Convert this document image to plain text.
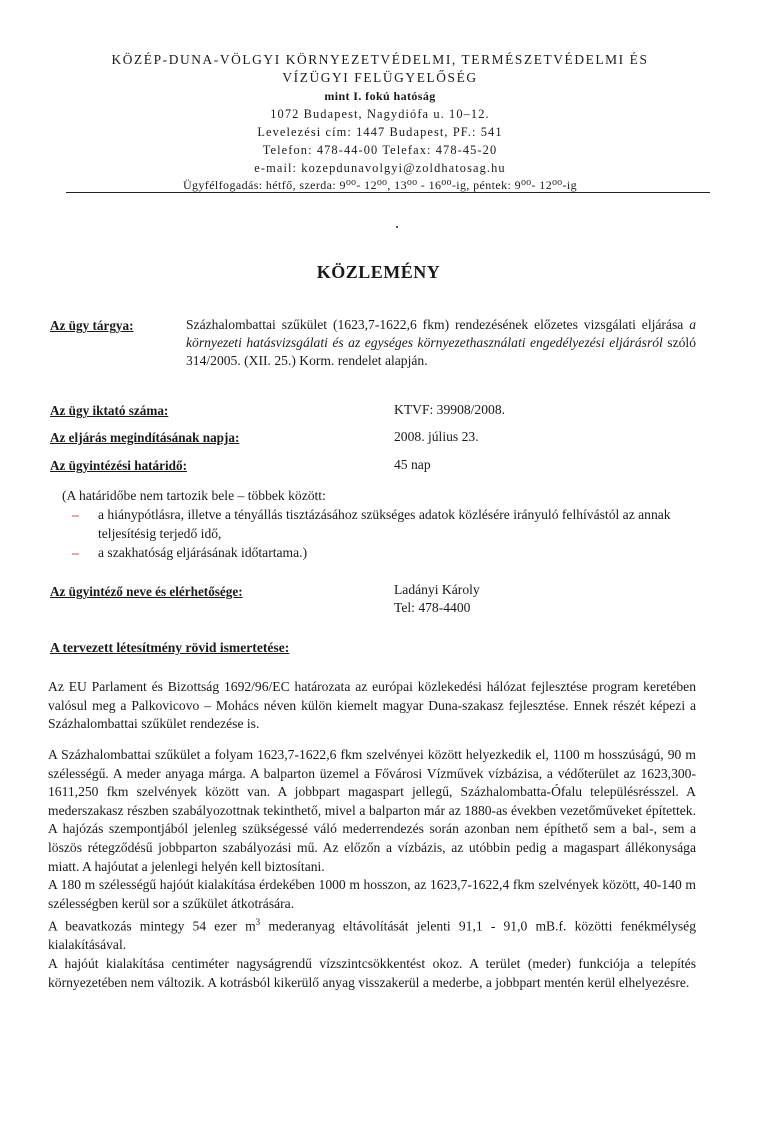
KÖZÉP-DUNA-VÖLGYI KÖRNYEZETVÉDELMI, TERMÉSZETVÉDELMI ÉS
VÍZÜGYI FELÜGYELŐSÉG
mint I. fokú hatóság
1072 Budapest, Nagydiófa u. 10–12.
Levelezési cím: 1447 Budapest, PF.: 541
Telefon: 478-44-00 Telefax: 478-45-20
e-mail: kozepdunavolgyi@zoldhatosag.hu
Ügyfélfogadás: hétfő, szerda: 9⁰⁰- 12⁰⁰, 13⁰⁰ - 16⁰⁰-ig, péntek: 9⁰⁰- 12⁰⁰-ig
KÖZLEMÉNY
Az ügy tárgya:	Százhalombattai szűkület (1623,7-1622,6 fkm) rendezésének előzetes vizsgálati eljárása a környezeti hatásvizsgálati és az egységes környezethasználati engedélyezési eljárásról szóló 314/2005. (XII. 25.) Korm. rendelet alapján.
Az ügy iktató száma:	KTVF: 39908/2008.
Az eljárás megindításának napja:	2008. július 23.
Az ügyintézési határidő:	45 nap
(A határidőbe nem tartozik bele – többek között:
– a hiánypótlásra, illetve a tényállás tisztázásához szükséges adatok közlésére irányuló felhívástól az annak teljesítésig terjedő idő,
– a szakhatóság eljárásának időtartama.)
Az ügyintéző neve és elérhetősége:	Ladányi Károly
Tel: 478-4400
A tervezett létesítmény rövid ismertetése:

Az EU Parlament és Bizottság 1692/96/EC határozata az európai közlekedési hálózat fejlesztése program keretében valósul meg a Palkovicovo – Mohács néven külön kiemelt magyar Duna-szakasz fejlesztése. Ennek részét képezi a Százhalombattai szűkület rendezése is.

A Százhalombattai szűkület a folyam 1623,7-1622,6 fkm szelvényei között helyezkedik el, 1100 m hosszúságú, 90 m szélességű. A meder anyaga márga. A balparton üzemel a Fővárosi Vízművek vízbázisa, a védőterület az 1623,300-1611,250 fkm szelvények között van. A jobbpart magaspart jellegű, Százhalombatta-Ófalu településrésszel. A mederszakasz részben szabályozottnak tekinthető, mivel a balparton már az 1880-as években vezetőműveket építettek. A hajózás szempontjából jelenleg szükségessé váló mederrendezés során azonban nem építhető sem a bal-, sem a löszös rétegződésű jobbparton szabályozási mű. Az előzőn a vízbázis, az utóbbin pedig a magaspart állékonysága miatt. A hajóutat a jelenlegi helyén kell biztosítani.

A 180 m szélességű hajóút kialakítása érdekében 1000 m hosszon, az 1623,7-1622,4 fkm szelvények között, 40-140 m szélességben kerül sor a szűkület átkotrására.

A beavatkozás mintegy 54 ezer $m^3$ mederanyag eltávolítását jelenti 91,1 - 91,0 mB.f. közötti fenékmélység kialakításával.

A hajóút kialakítása centiméter nagyságrendű vízszintcsökkentést okoz. A terület (meder) funkciója a telepítés környezetében nem változik. A kotrásból kikerülő anyag visszakerül a mederbe, a jobbpart mentén kerül elhelyezésre.
